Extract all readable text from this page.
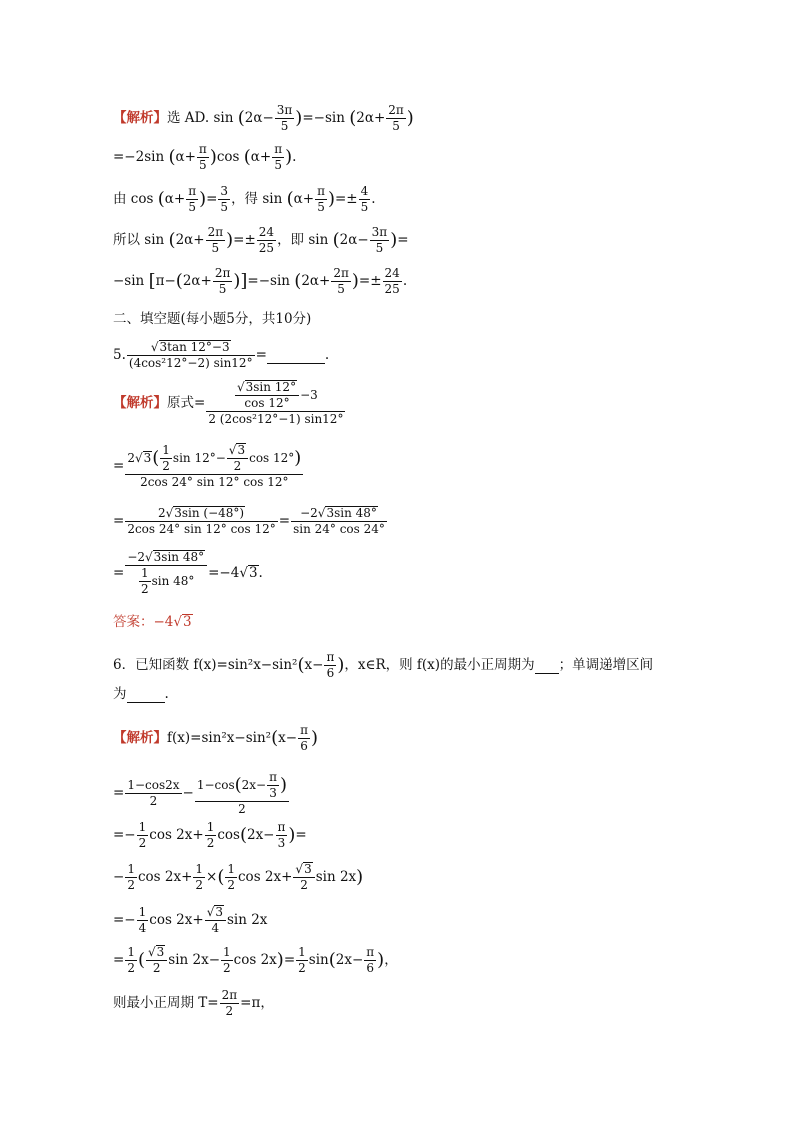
【解析】选 AD. $\sin (2\alpha- \frac{3\pi}{5} )=-\sin$ ($2\alpha+ \frac{2\pi}{5}$ )
=−2sin $(\alpha+ \frac{\pi}{5} )\cos$ ($\alpha+ \frac{\pi}{5}$ ).
由 $\cos (\alpha+ \frac{\pi}{5}$ )= $\frac{3}{5}$ ，得 $\sin (\alpha+ \frac{\pi}{5}$ )=± $\frac{4}{5}$ .
所以 $\sin (2\alpha+ \frac{2\pi}{5}$ )=± $\frac{24}{25}$ ，即 $\sin (2\alpha- \frac{3\pi}{5}$ )=
−sin $[\pi-(2\alpha+ \frac{2\pi}{5} )]=-\sin$ ($2\alpha+ \frac{2\pi}{5}$ )=± $\frac{24}{25}$ .
二、填空题(每小题5分，共10分)
5. $\frac{√3\tan 12^\circ-3}{\text{(4cos²12°−2) sin12°}}$ =	.
【解析】原式= $\frac{\frac{√3\sin 12^\circ}{\cos 12^\circ} -3}{\text{2 (2cos²12°−1) sin12°}}$
= $\frac{2√3( \frac{1}{2} \sin 12^\circ- \frac{√3}{2} \cos 12^\circ)}{2\cos 24^\circ \sin 12^\circ \cos 12^\circ}$
= $\frac{2√3\sin (-48^\circ)}{2\cos 24^\circ \sin 12^\circ \cos 12^\circ} = \frac{-2√3\sin 48^\circ}{\sin 24^\circ \cos 24^\circ}$
= $\frac{-2√3\sin 48^\circ}{\frac{1}{2} \sin 48^\circ} =-4√3$.
答案：−4√3
6．已知函数 $f(x)=\sin^2x-\sin^2(x- \frac{\pi}{6}$ )，x∈R，则 f(x)的最小正周期为 ；单调递增区间
为	.
【解析】$f(x)=\sin^2x-\sin^2(x- \frac{\pi}{6}$ )
= $\frac{1-\cos 2x}{2} - \frac{1-\cos(2x- \frac{\pi}{3} )}{2}$
=− $\frac{1}{2}$ $\cos 2x+ \frac{1}{2} \cos(2x- \frac{\pi}{3}$ )=
− $\frac{1}{2}$ $\cos 2x+ \frac{1}{2}$ ×( $\frac{1}{2}$ $\cos 2x+ \frac{√3}{2}$ sin 2x)
=− $\frac{1}{4}$ $\cos 2x+ \frac{√3}{4}$ sin 2x
= $\frac{1}{2}$ ( $\frac{√3}{2}$ $\sin 2x- \frac{1}{2}$ $\cos 2x)= \frac{1}{2} \sin(2x- \frac{\pi}{6}$ )，
则最小正周期 $T= \frac{2\pi}{2} =\pi$，
